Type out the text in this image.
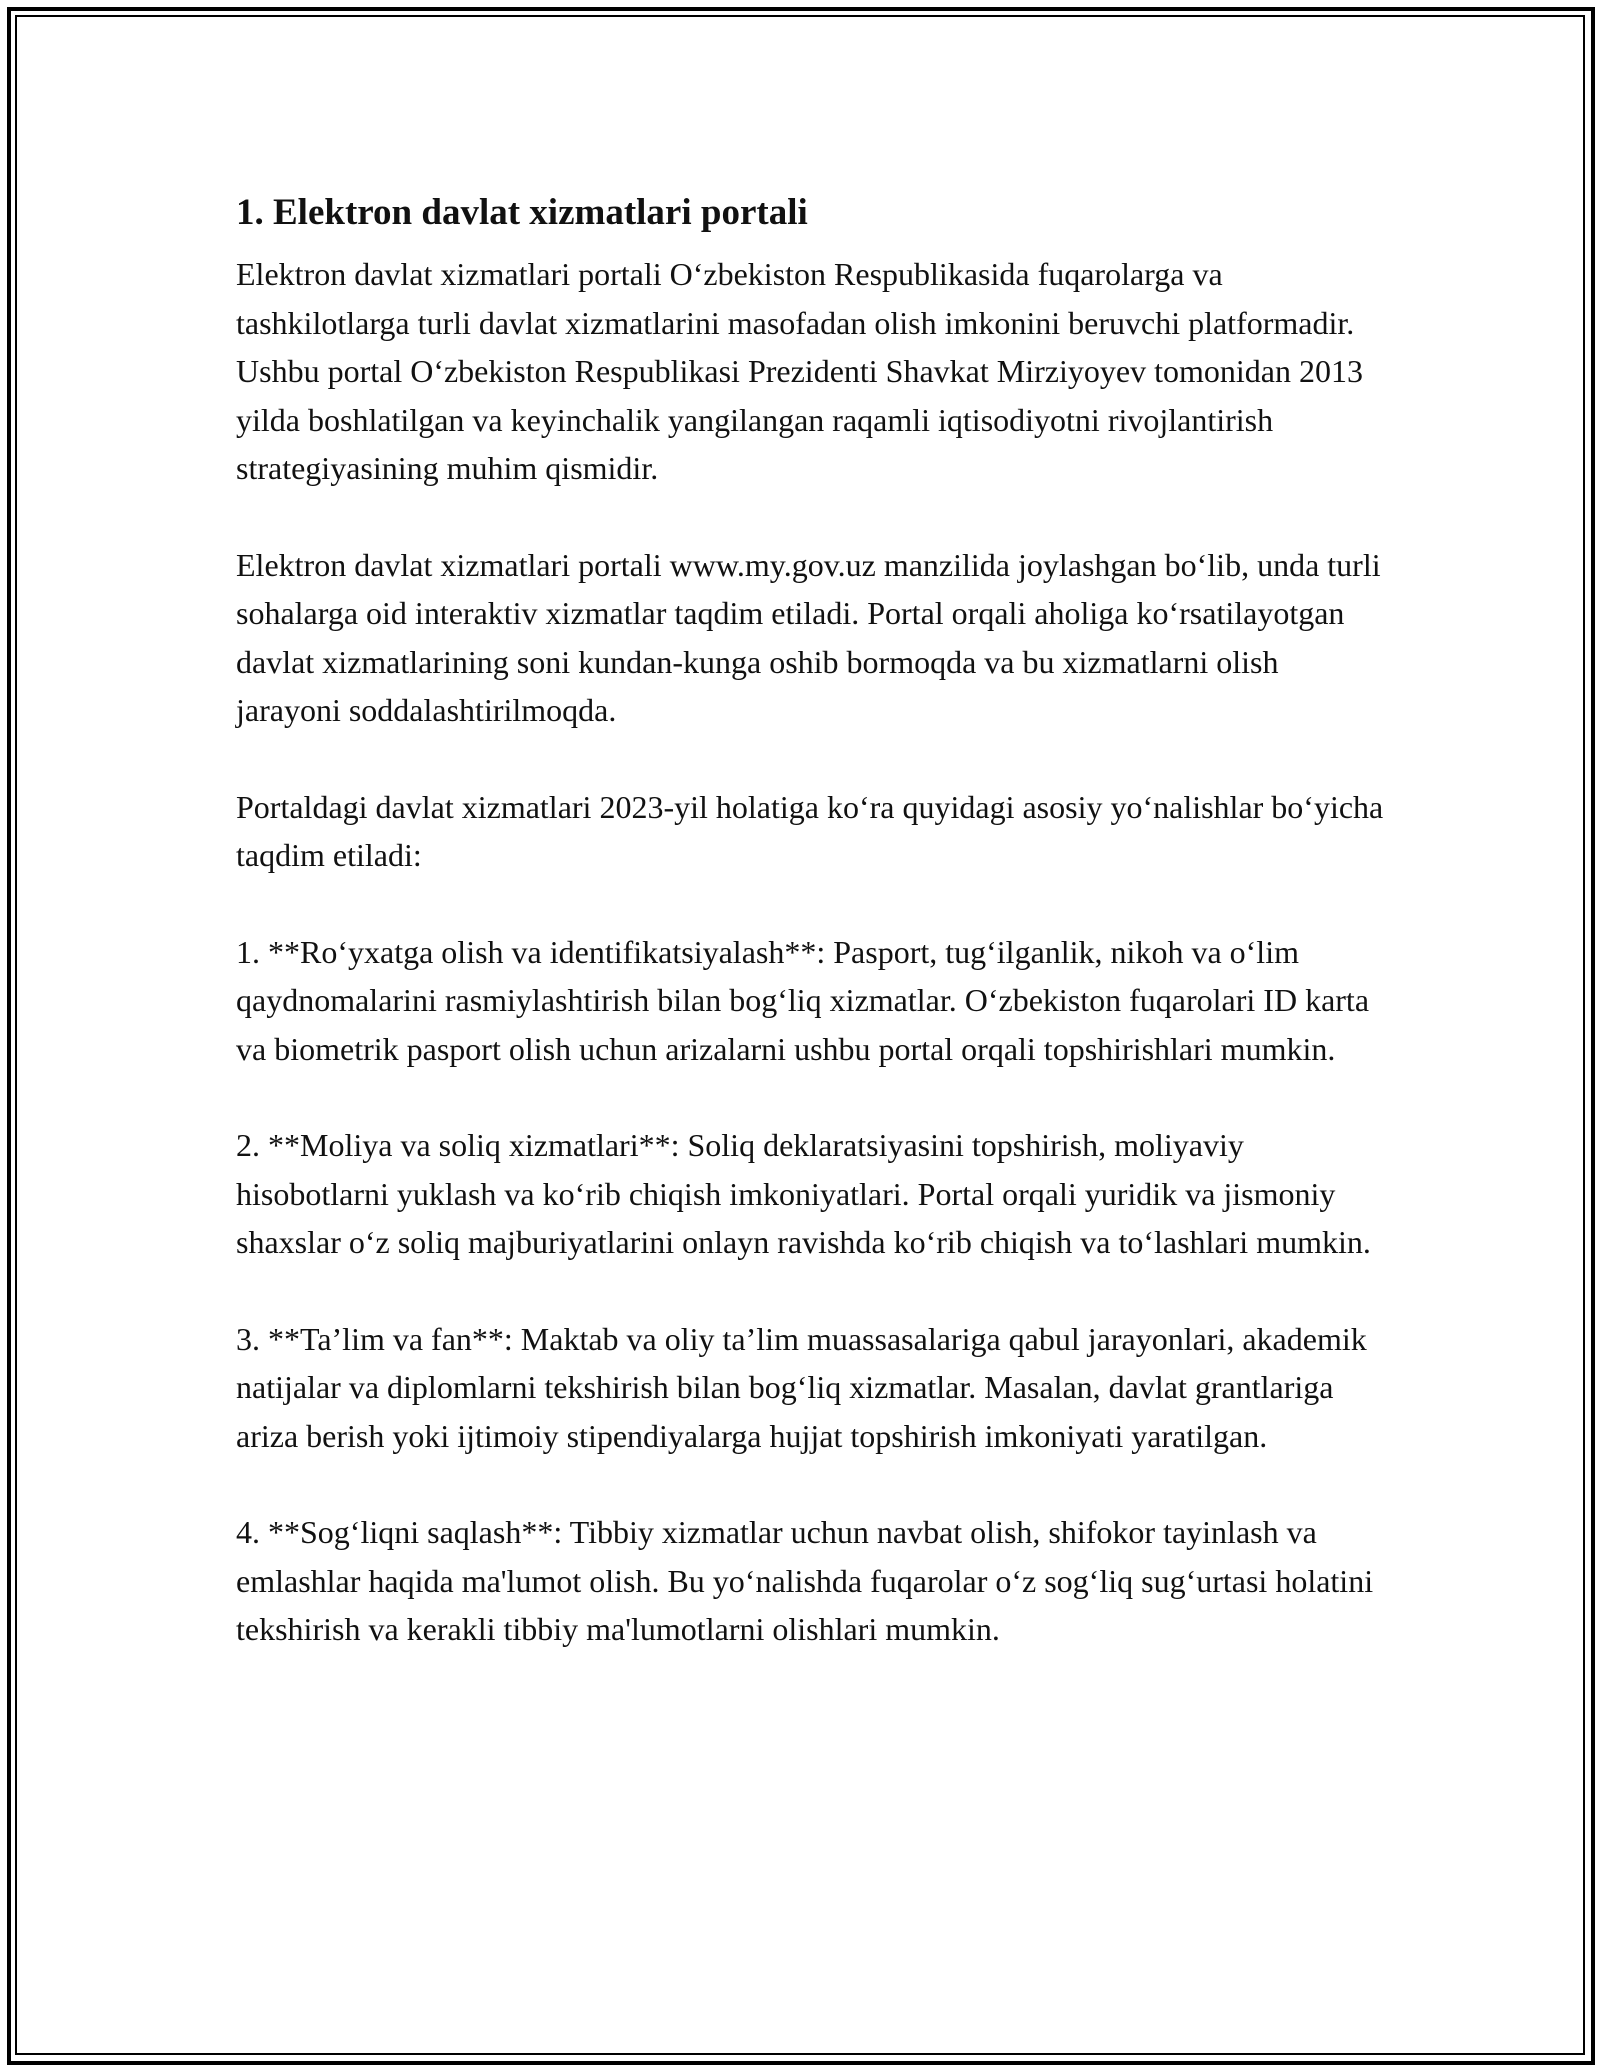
1. Elektron davlat xizmatlari portali

Elektron davlat xizmatlari portali O‘zbekiston Respublikasida fuqarolarga va tashkilotlarga turli davlat xizmatlarini masofadan olish imkonini beruvchi platformadir. Ushbu portal O‘zbekiston Respublikasi Prezidenti Shavkat Mirziyoyev tomonidan 2013 yilda boshlatilgan va keyinchalik yangilangan raqamli iqtisodiyotni rivojlantirish strategiyasining muhim qismidir.

Elektron davlat xizmatlari portali www.my.gov.uz manzilida joylashgan bo‘lib, unda turli sohalarga oid interaktiv xizmatlar taqdim etiladi. Portal orqali aholiga ko‘rsatilayotgan davlat xizmatlarining soni kundan-kunga oshib bormoqda va bu xizmatlarni olish jarayoni soddalashtirilmoqda.

Portaldagi davlat xizmatlari 2023-yil holatiga ko‘ra quyidagi asosiy yo‘nalishlar bo‘yicha taqdim etiladi:

1. **Ro‘yxatga olish va identifikatsiyalash**: Pasport, tug‘ilganlik, nikoh va o‘lim qaydnomalarini rasmiylashtirish bilan bog‘liq xizmatlar. O‘zbekiston fuqarolari ID karta va biometrik pasport olish uchun arizalarni ushbu portal orqali topshirishlari mumkin.

2. **Moliya va soliq xizmatlari**: Soliq deklaratsiyasini topshirish, moliyaviy hisobotlarni yuklash va ko‘rib chiqish imkoniyatlari. Portal orqali yuridik va jismoniy shaxslar o‘z soliq majburiyatlarini onlayn ravishda ko‘rib chiqish va to‘lashlari mumkin.

3. **Ta’lim va fan**: Maktab va oliy ta’lim muassasalariga qabul jarayonlari, akademik natijalar va diplomlarni tekshirish bilan bog‘liq xizmatlar. Masalan, davlat grantlariga ariza berish yoki ijtimoiy stipendiyalarga hujjat topshirish imkoniyati yaratilgan.

4. **Sog‘liqni saqlash**: Tibbiy xizmatlar uchun navbat olish, shifokor tayinlash va emlashlar haqida ma'lumot olish. Bu yo‘nalishda fuqarolar o‘z sog‘liq sug‘urtasi holatini tekshirish va kerakli tibbiy ma'lumotlarni olishlari mumkin.
